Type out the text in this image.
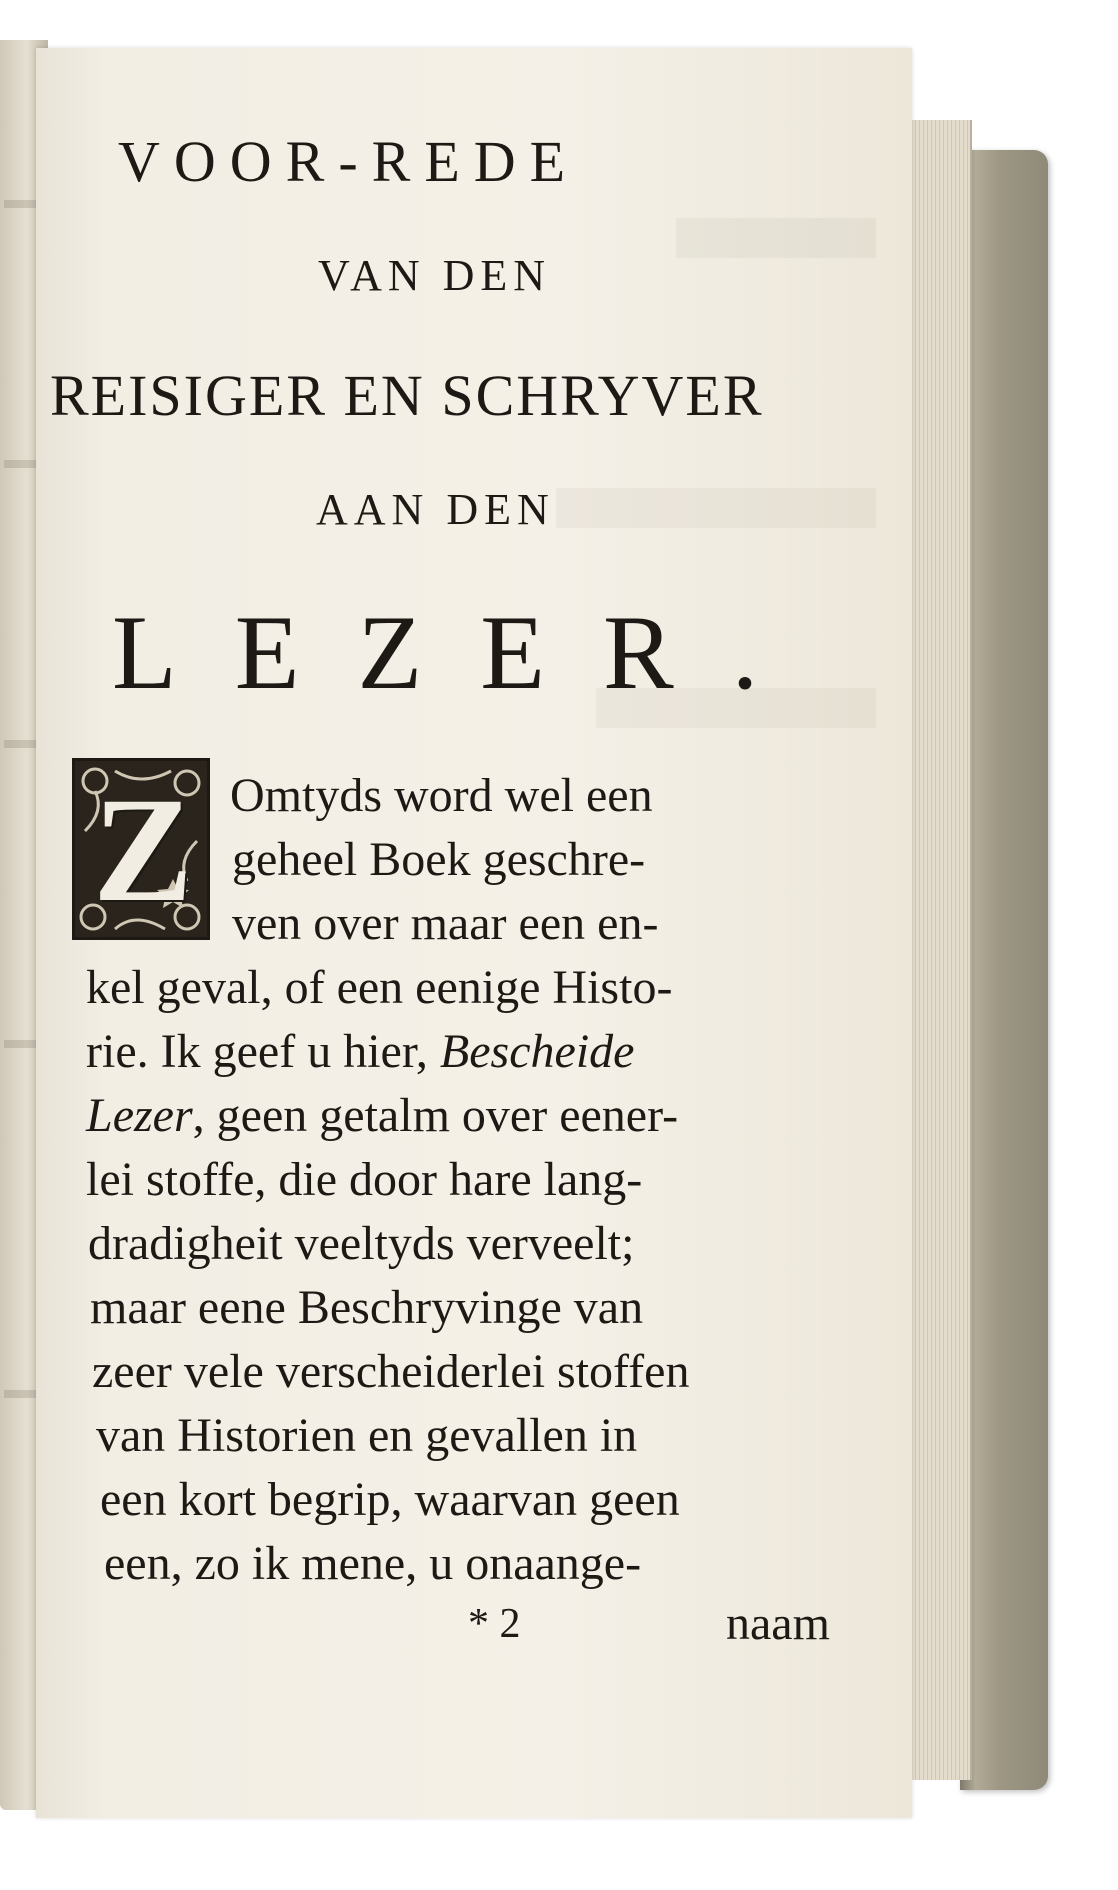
VOOR-REDE
VAN DEN
REISIGER EN SCHRYVER
AAN DEN
LEZER.
Z Omtyds word wel een
geheel Boek geschre-
ven over maar een en-
kel geval, of een eenige Histo-
rie. Ik geef u hier, Bescheide
Lezer, geen getalm over eener-
lei stoffe, die door hare lang-
dradigheit veeltyds verveelt;
maar eene Beschryvinge van
zeer vele verscheiderlei stoffen
van Historien en gevallen in
een kort begrip, waarvan geen
een, zo ik mene, u onaange-
* 2	naam
